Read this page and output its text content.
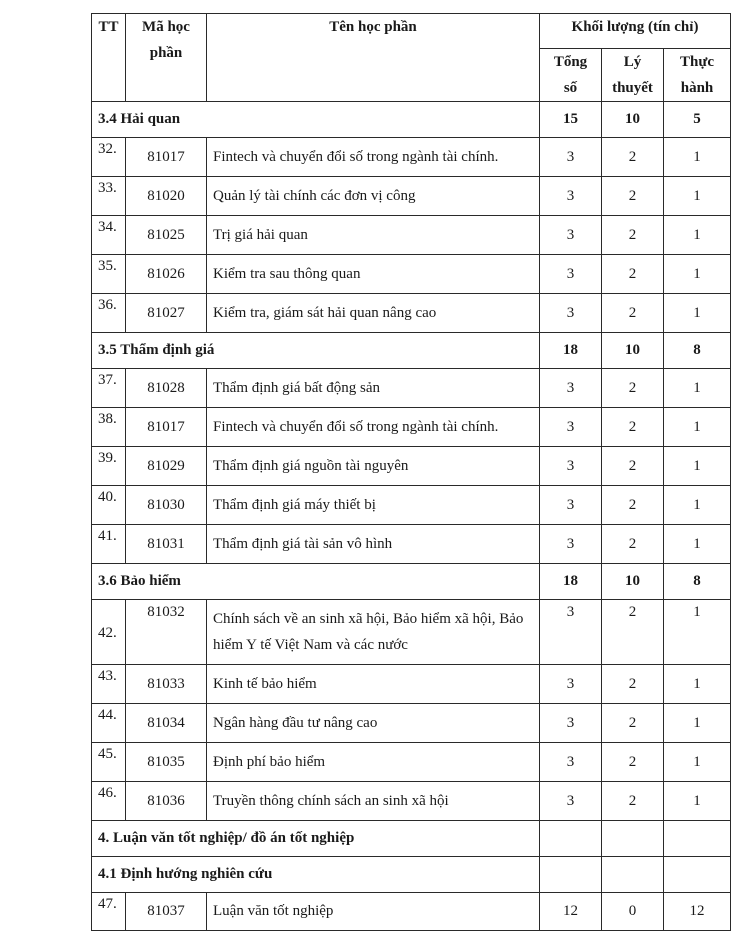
TT	Mã học phần	Tên học phần	Khối lượng (tín chỉ)		
			Tổng số	Lý thuyết	Thực hành
3.4 Hải quan			15	10	5
32.	81017	Fintech và chuyển đổi số trong ngành tài chính.	3	2	1
33.	81020	Quản lý tài chính các đơn vị công	3	2	1
34.	81025	Trị giá hải quan	3	2	1
35.	81026	Kiểm tra sau thông quan	3	2	1
36.	81027	Kiểm tra, giám sát hải quan nâng cao	3	2	1
3.5 Thẩm định giá			18	10	8
37.	81028	Thẩm định giá bất động sản	3	2	1
38.	81017	Fintech và chuyển đổi số trong ngành tài chính.	3	2	1
39.	81029	Thẩm định giá nguồn tài nguyên	3	2	1
40.	81030	Thẩm định giá máy thiết bị	3	2	1
41.	81031	Thẩm định giá tài sản vô hình	3	2	1
3.6 Bảo hiểm			18	10	8
42.	81032	Chính sách về an sinh xã hội, Bảo hiểm xã hội, Bảo hiểm Y tế Việt Nam và các nước	3	2	1
43.	81033	Kinh tế bảo hiểm	3	2	1
44.	81034	Ngân hàng đầu tư nâng cao	3	2	1
45.	81035	Định phí bảo hiểm	3	2	1
46.	81036	Truyền thông chính sách an sinh xã hội	3	2	1
4. Luận văn tốt nghiệp/ đồ án tốt nghiệp					
4.1 Định hướng nghiên cứu					
47.	81037	Luận văn tốt nghiệp	12	0	12
